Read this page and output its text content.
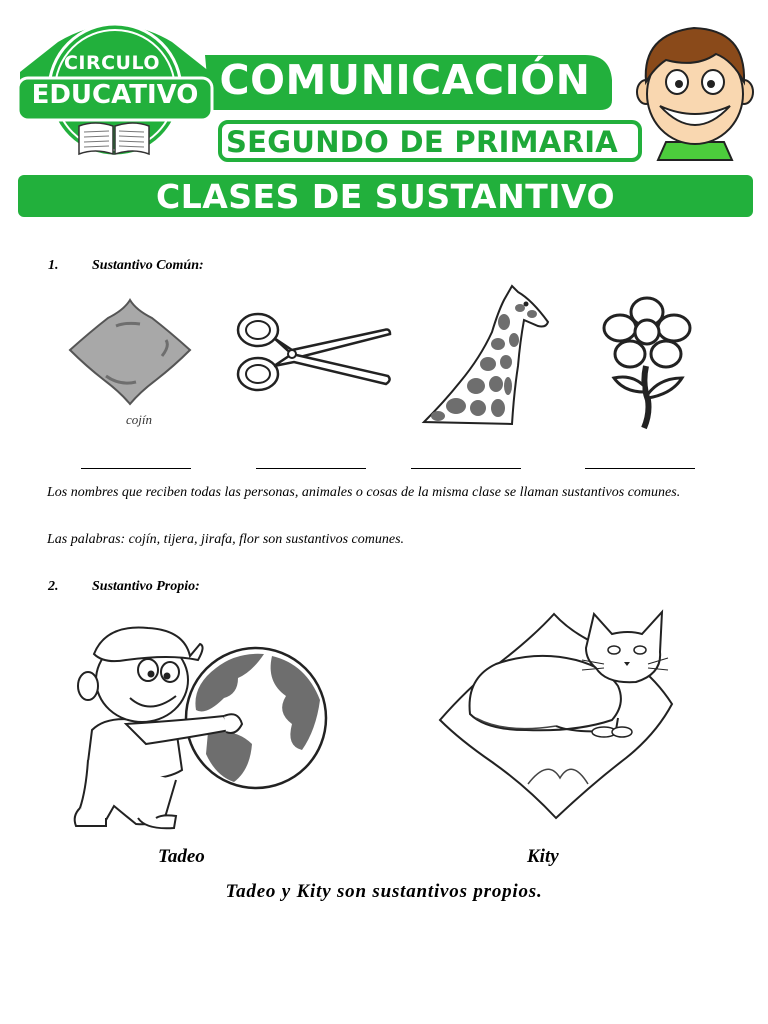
CIRCULO
EDUCATIVO COMUNICACIÓN
SEGUNDO DE PRIMARIA
CLASES DE SUSTANTIVO
1. Sustantivo Común:
cojín
Los nombres que reciben todas las personas, animales o cosas de la misma clase se llaman sustantivos comunes.
Las palabras: cojín, tijera, jirafa, flor son sustantivos comunes.
2. Sustantivo Propio:
Tadeo	Kity
Tadeo y Kity son sustantivos propios.
